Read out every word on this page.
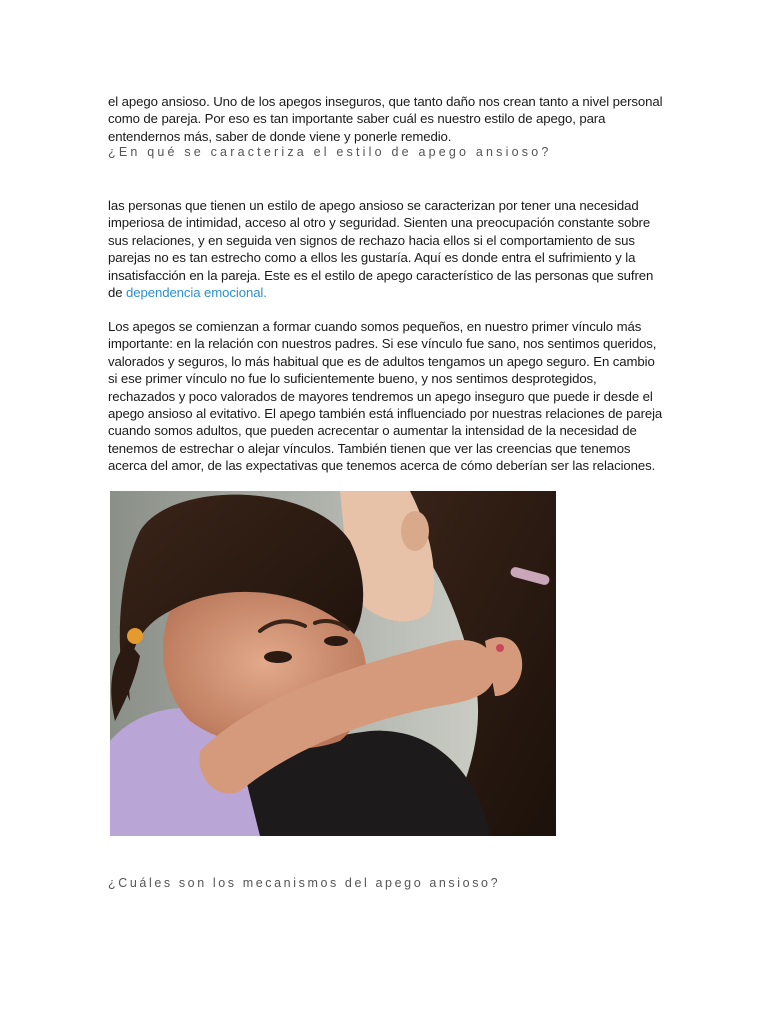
el apego ansioso. Uno de los apegos inseguros, que tanto daño nos crean tanto a nivel personal como de pareja. Por eso es tan importante saber cuál es nuestro estilo de apego, para entendernos más, saber de donde viene y ponerle remedio.
¿En qué se caracteriza el estilo de apego ansioso?
las personas que tienen un estilo de apego ansioso se caracterizan por tener una necesidad imperiosa de intimidad, acceso al otro y seguridad. Sienten una preocupación constante sobre sus relaciones, y en seguida ven signos de rechazo hacia ellos si el comportamiento de sus parejas no es tan estrecho como a ellos les gustaría. Aquí es donde entra el sufrimiento y la insatisfacción en la pareja. Este es el estilo de apego característico de las personas que sufren de dependencia emocional.
Los apegos se comienzan a formar cuando somos pequeños, en nuestro primer vínculo más importante: en la relación con nuestros padres. Si ese vínculo fue sano, nos sentimos queridos, valorados y seguros, lo más habitual que es de adultos tengamos un apego seguro. En cambio si ese primer vínculo no fue lo suficientemente bueno, y nos sentimos desprotegidos, rechazados y poco valorados de mayores tendremos un apego inseguro que puede ir desde el apego ansioso al evitativo. El apego también está influenciado por nuestras relaciones de pareja cuando somos adultos, que pueden acrecentar o aumentar la intensidad de la necesidad de tenemos de estrechar o alejar vínculos. También tienen que ver las creencias que tenemos acerca del amor, de las expectativas que tenemos acerca de cómo deberían ser las relaciones.
¿Cuáles son los mecanismos del apego ansioso?
